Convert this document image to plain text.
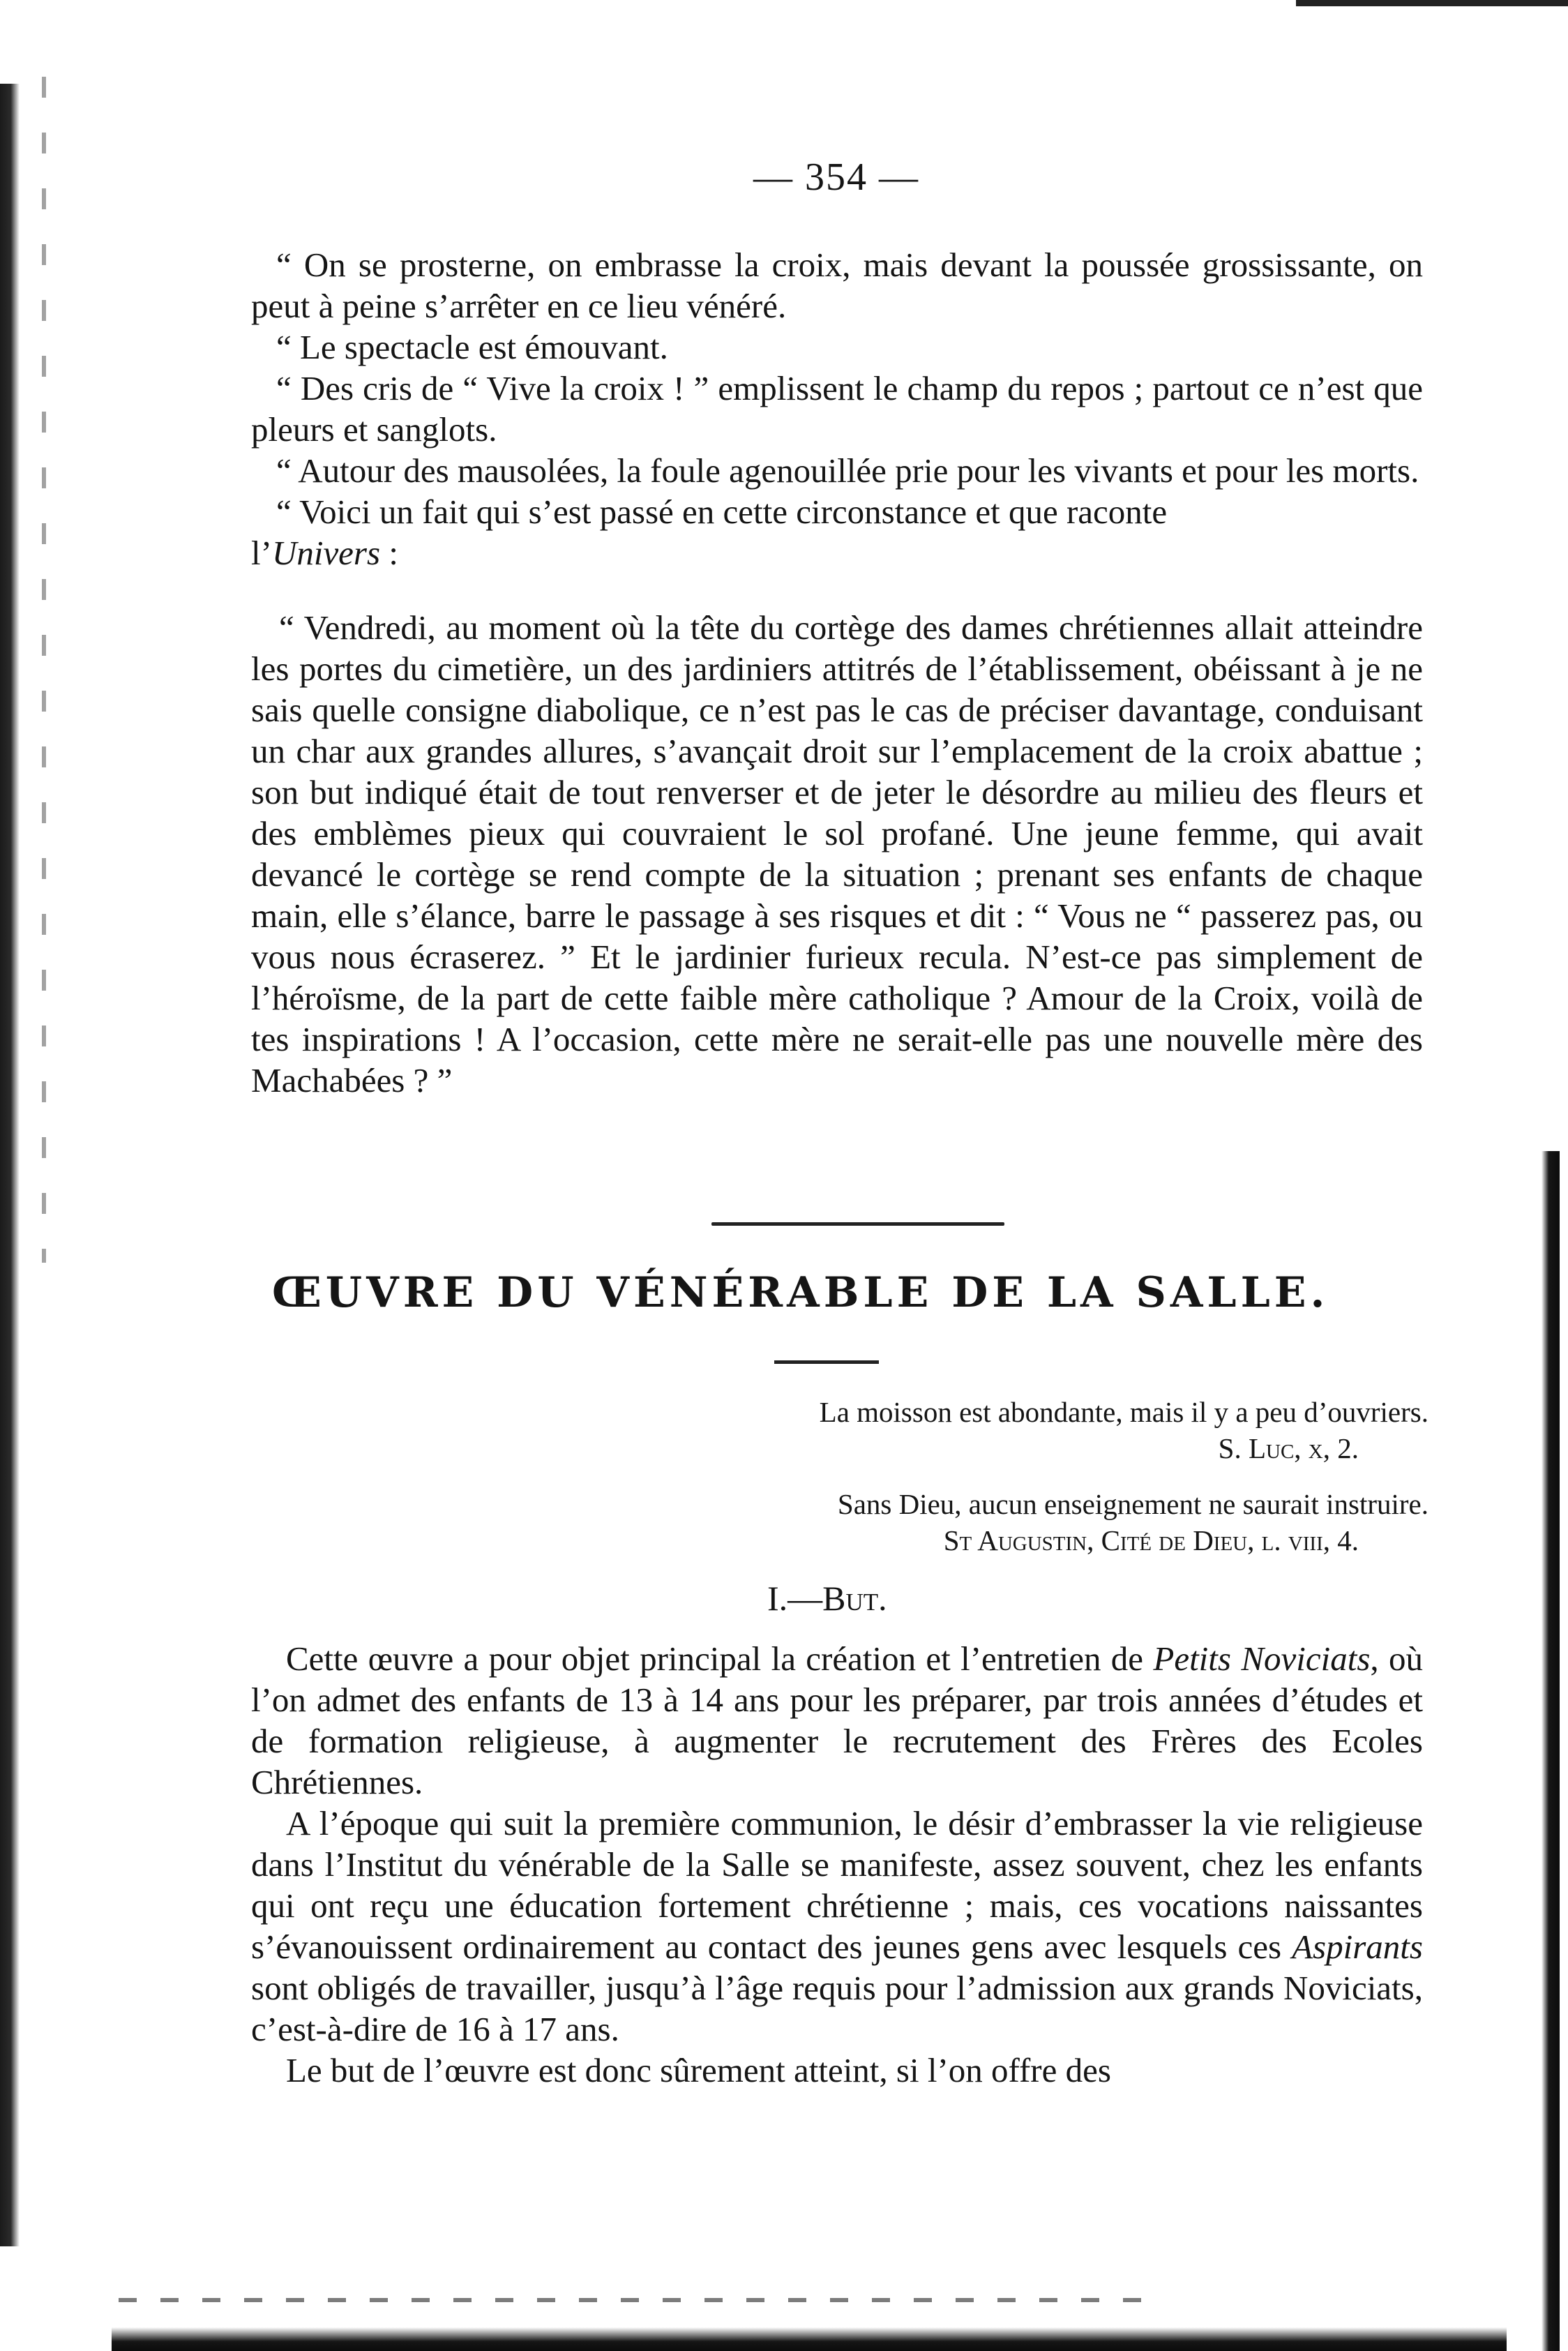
— 354 —

“ On se prosterne, on embrasse la croix, mais devant la poussée grossissante, on peut à peine s’arrêter en ce lieu vénéré.

“ Le spectacle est émouvant.

“ Des cris de “ Vive la croix ! ” emplissent le champ du repos ; partout ce n’est que pleurs et sanglots.

“ Autour des mausolées, la foule agenouillée prie pour les vivants et pour les morts.

“ Voici un fait qui s’est passé en cette circonstance et que raconte
l’Univers :

“ Vendredi, au moment où la tête du cortège des dames chrétiennes allait atteindre les portes du cimetière, un des jardiniers attitrés de l’établissement, obéissant à je ne sais quelle consigne diabolique, ce n’est pas le cas de préciser davantage, conduisant un char aux grandes allures, s’avançait droit sur l’emplacement de la croix abattue ; son but indiqué était de tout renverser et de jeter le désordre au milieu des fleurs et des emblèmes pieux qui couvraient le sol profané. Une jeune femme, qui avait devancé le cortège se rend compte de la situation ; prenant ses enfants de chaque main, elle s’élance, barre le passage à ses risques et dit : “ Vous ne “ passerez pas, ou vous nous écraserez. ” Et le jardinier furieux recula. N’est-ce pas simplement de l’héroïsme, de la part de cette faible mère catholique ? Amour de la Croix, voilà de tes inspirations ! A l’occasion, cette mère ne serait-elle pas une nouvelle mère des Machabées ? ”

ŒUVRE DU VÉNÉRABLE DE LA SALLE.
La moisson est abondante, mais il y a peu d’ouvriers.
S. Luc, x, 2.
Sans Dieu, aucun enseignement ne saurait instruire.
St Augustin, Cité de Dieu, l. viii, 4.
I.—But.

Cette œuvre a pour objet principal la création et l’entretien de Petits Noviciats, où l’on admet des enfants de 13 à 14 ans pour les préparer, par trois années d’études et de formation religieuse, à augmenter le recrutement des Frères des Ecoles Chrétiennes.

A l’époque qui suit la première communion, le désir d’embrasser la vie religieuse dans l’Institut du vénérable de la Salle se manifeste, assez souvent, chez les enfants qui ont reçu une éducation fortement chrétienne ; mais, ces vocations naissantes s’évanouissent ordinairement au contact des jeunes gens avec lesquels ces Aspirants sont obligés de travailler, jusqu’à l’âge requis pour l’admission aux grands Noviciats, c’est-à-dire de 16 à 17 ans.

Le but de l’œuvre est donc sûrement atteint, si l’on offre des
